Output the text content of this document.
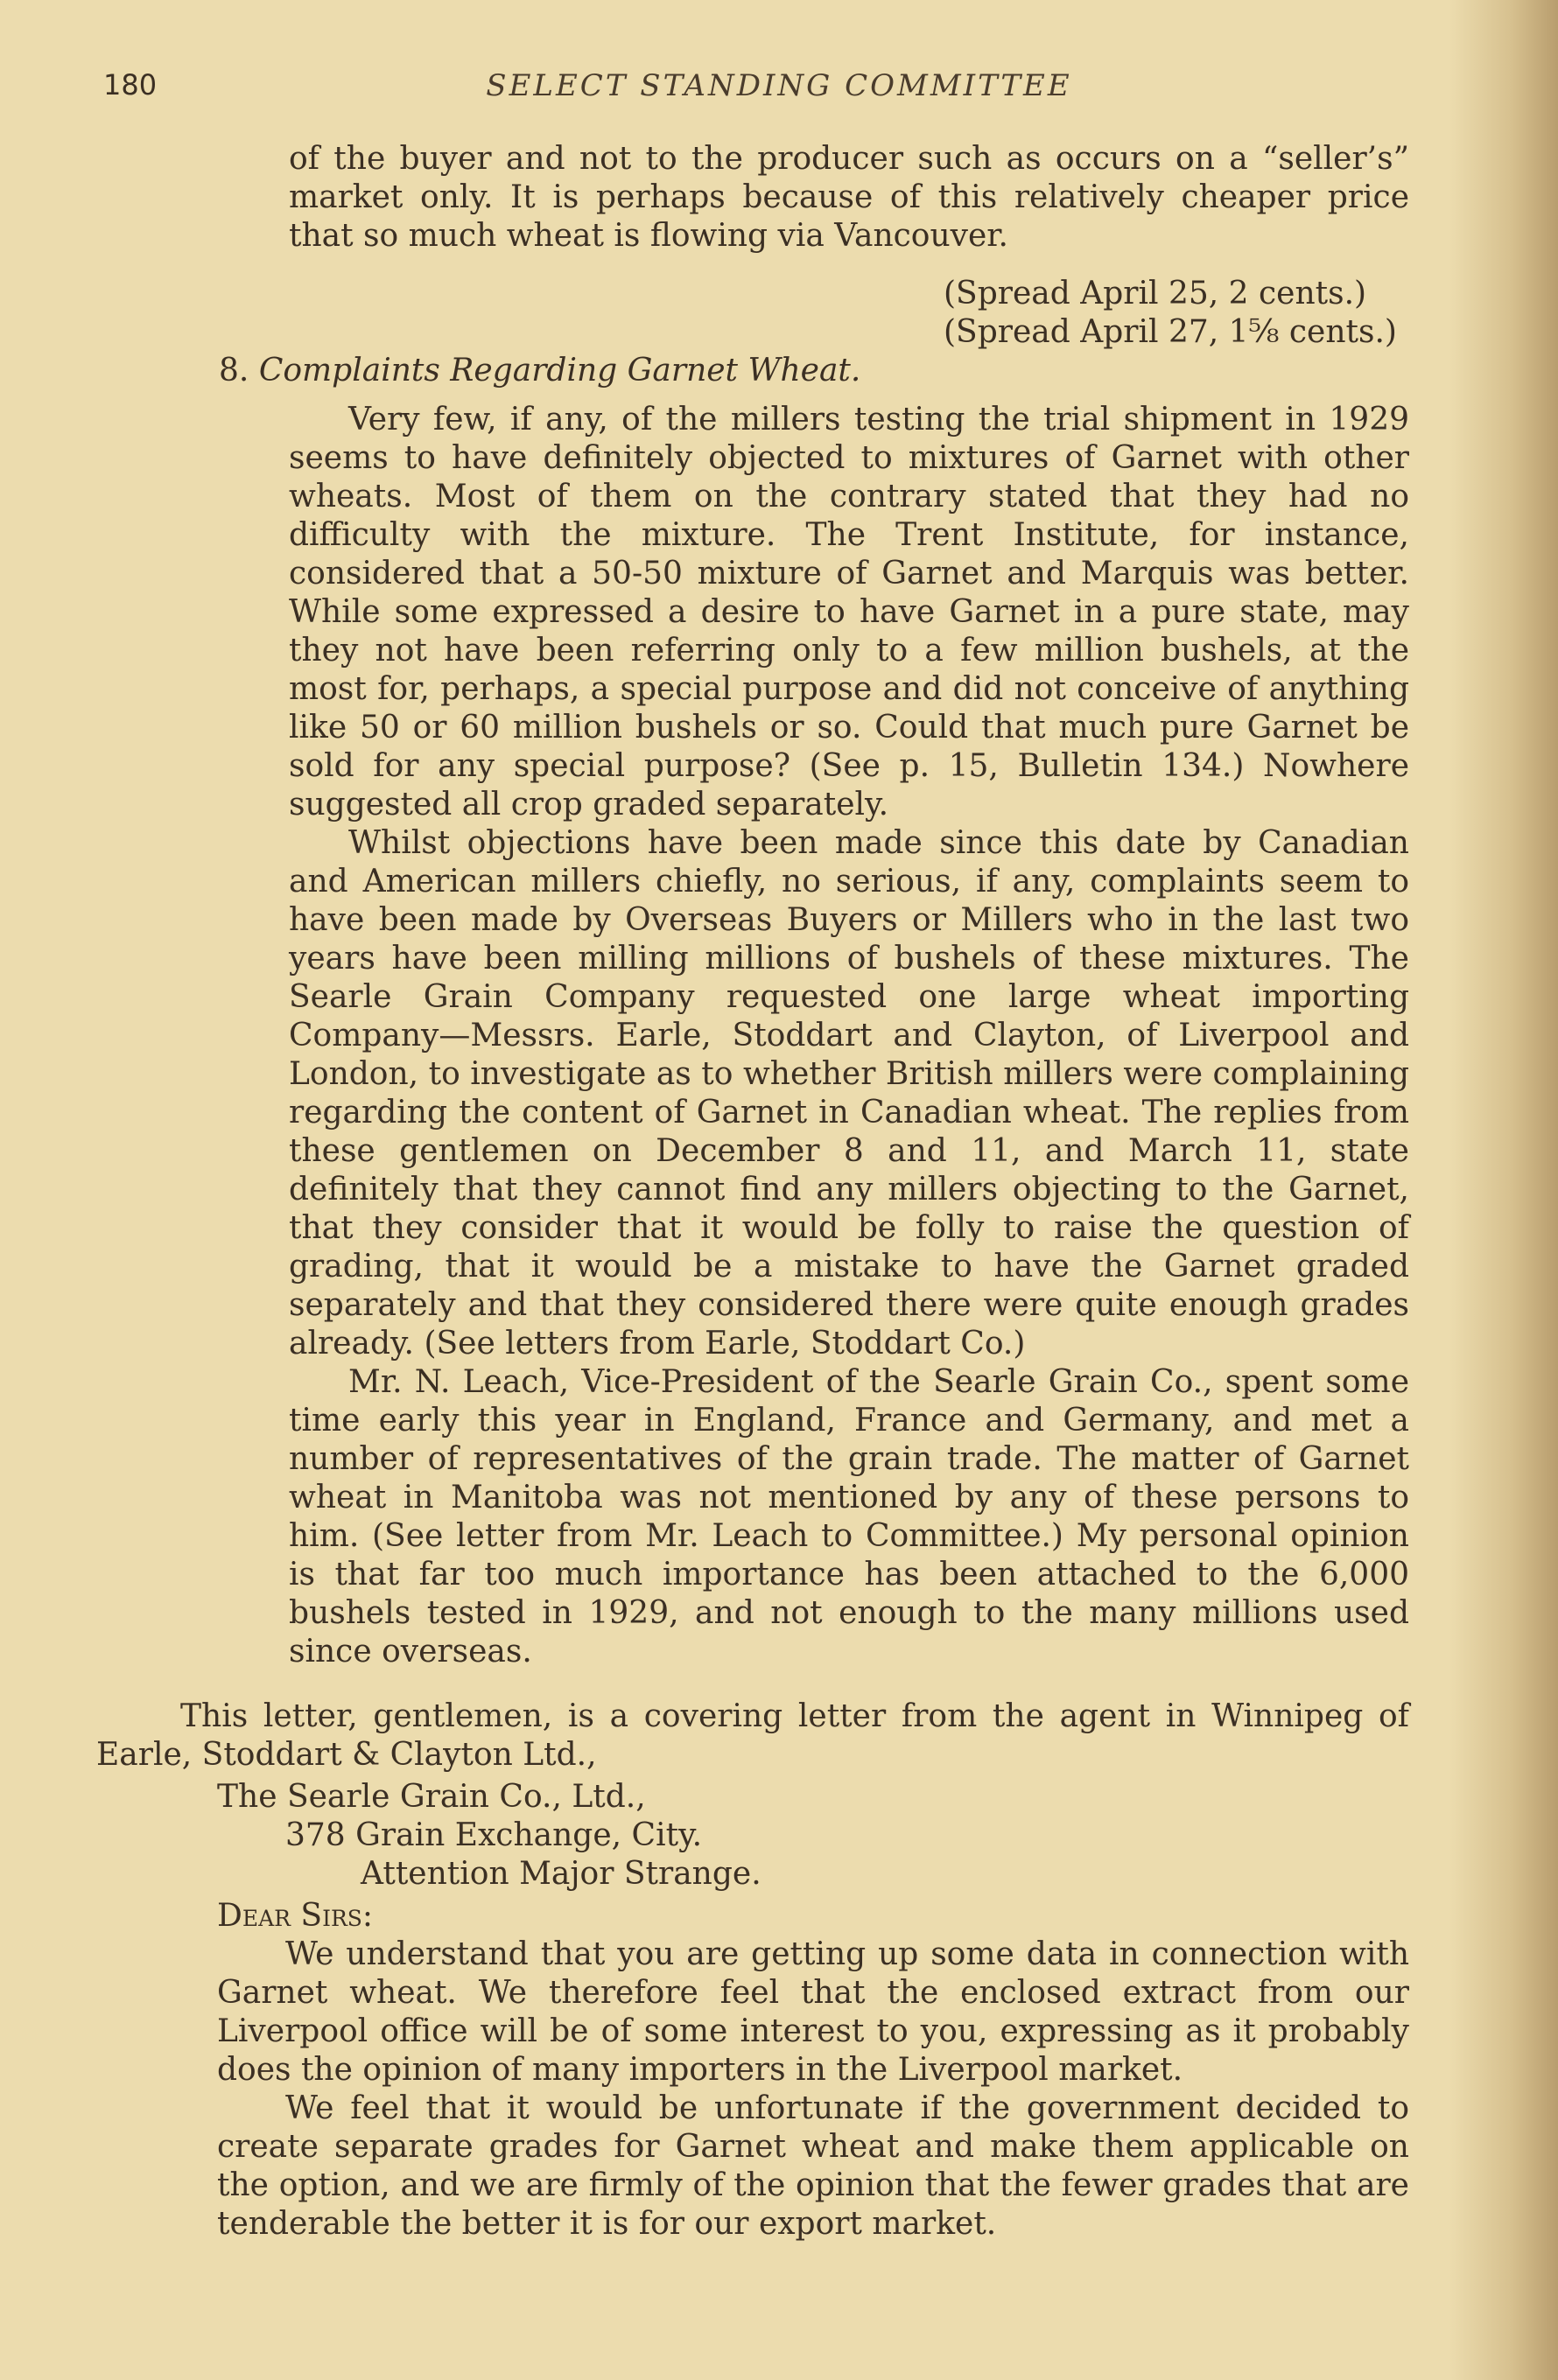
180	SELECT STANDING COMMITTEE

of the buyer and not to the producer such as occurs on a “seller’s” market only. It is perhaps because of this relatively cheaper price that so much wheat is flowing via Vancouver.

(Spread April 25, 2 cents.)
(Spread April 27, 1⅝ cents.)
8. Complaints Regarding Garnet Wheat.

Very few, if any, of the millers testing the trial shipment in 1929 seems to have definitely objected to mixtures of Garnet with other wheats. Most of them on the contrary stated that they had no difficulty with the mixture. The Trent Institute, for instance, considered that a 50-50 mixture of Garnet and Marquis was better. While some expressed a desire to have Garnet in a pure state, may they not have been referring only to a few million bushels, at the most for, perhaps, a special purpose and did not conceive of anything like 50 or 60 million bushels or so. Could that much pure Garnet be sold for any special purpose? (See p. 15, Bulletin 134.) Nowhere suggested all crop graded separately.

Whilst objections have been made since this date by Canadian and American millers chiefly, no serious, if any, complaints seem to have been made by Overseas Buyers or Millers who in the last two years have been milling millions of bushels of these mixtures. The Searle Grain Company requested one large wheat importing Company—Messrs. Earle, Stoddart and Clayton, of Liverpool and London, to investigate as to whether British millers were complaining regarding the content of Garnet in Canadian wheat. The replies from these gentlemen on December 8 and 11, and March 11, state definitely that they cannot find any millers objecting to the Garnet, that they consider that it would be folly to raise the question of grading, that it would be a mistake to have the Garnet graded separately and that they considered there were quite enough grades already. (See letters from Earle, Stoddart Co.)

Mr. N. Leach, Vice-President of the Searle Grain Co., spent some time early this year in England, France and Germany, and met a number of representatives of the grain trade. The matter of Garnet wheat in Manitoba was not mentioned by any of these persons to him. (See letter from Mr. Leach to Committee.) My personal opinion is that far too much importance has been attached to the 6,000 bushels tested in 1929, and not enough to the many millions used since overseas.

This letter, gentlemen, is a covering letter from the agent in Winnipeg of Earle, Stoddart & Clayton Ltd.,

The Searle Grain Co., Ltd.,
378 Grain Exchange, City.
Attention Major Strange.
Dear Sirs:

We understand that you are getting up some data in connection with Garnet wheat. We therefore feel that the enclosed extract from our Liverpool office will be of some interest to you, expressing as it probably does the opinion of many importers in the Liverpool market.

We feel that it would be unfortunate if the government decided to create separate grades for Garnet wheat and make them applicable on the option, and we are firmly of the opinion that the fewer grades that are tenderable the better it is for our export market.
